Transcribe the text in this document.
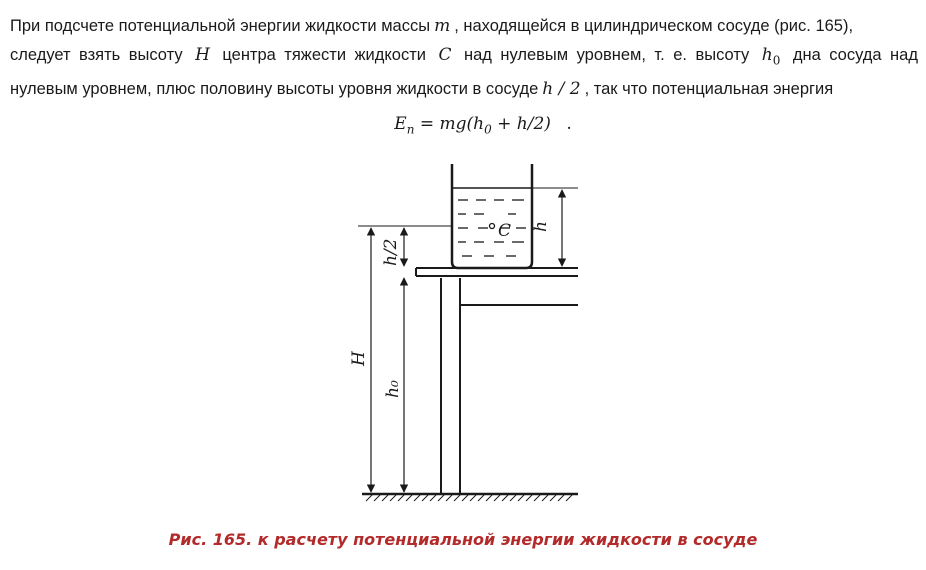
При подсчете потенциальной энергии жидкости массы m , находящейся в цилиндрическом сосуде (рис. 165),
следует взять высоту H центра тяжести жидкости C над нулевым уровнем, т. е. высоту $h_0$ дна сосуда над
нулевым уровнем, плюс половину высоты уровня жидкости в сосуде h / 2 , так что потенциальная энергия
$E_п = mg(h_0 + h/2)$ .
h
H
h/2
h₀
C
Рис. 165. к расчету потенциальной энергии жидкости в сосуде
